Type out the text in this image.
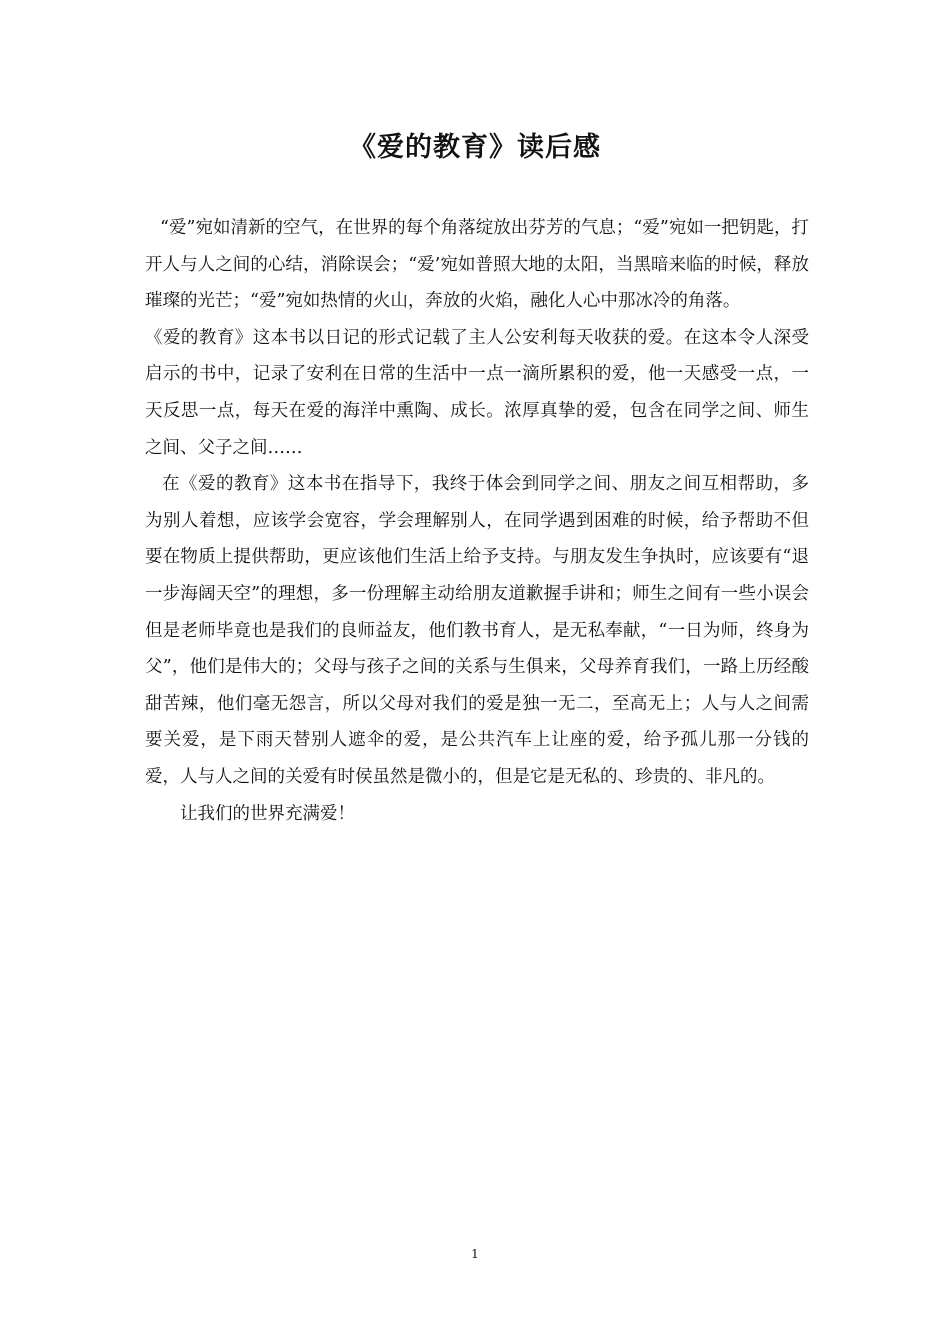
《爱的教育》读后感

“爱”宛如清新的空气，在世界的每个角落绽放出芬芳的气息；“爱”宛如一把钥匙，打开人与人之间的心结，消除误会；“爱’宛如普照大地的太阳，当黑暗来临的时候，释放璀璨的光芒；“爱”宛如热情的火山，奔放的火焰，融化人心中那冰冷的角落。

《爱的教育》这本书以日记的形式记载了主人公安利每天收获的爱。在这本令人深受启示的书中，记录了安利在日常的生活中一点一滴所累积的爱，他一天感受一点，一天反思一点，每天在爱的海洋中熏陶、成长。浓厚真挚的爱，包含在同学之间、师生之间、父子之间……

在《爱的教育》这本书在指导下，我终于体会到同学之间、朋友之间互相帮助，多为别人着想，应该学会宽容，学会理解别人，在同学遇到困难的时候，给予帮助不但要在物质上提供帮助，更应该他们生活上给予支持。与朋友发生争执时，应该要有“退一步海阔天空”的理想，多一份理解主动给朋友道歉握手讲和；师生之间有一些小误会但是老师毕竟也是我们的良师益友，他们教书育人，是无私奉献，“一日为师，终身为父”，他们是伟大的；父母与孩子之间的关系与生俱来，父母养育我们，一路上历经酸甜苦辣，他们毫无怨言，所以父母对我们的爱是独一无二，至高无上；人与人之间需要关爱，是下雨天替别人遮伞的爱，是公共汽车上让座的爱，给予孤儿那一分钱的爱，人与人之间的关爱有时侯虽然是微小的，但是它是无私的、珍贵的、非凡的。

让我们的世界充满爱！

1
